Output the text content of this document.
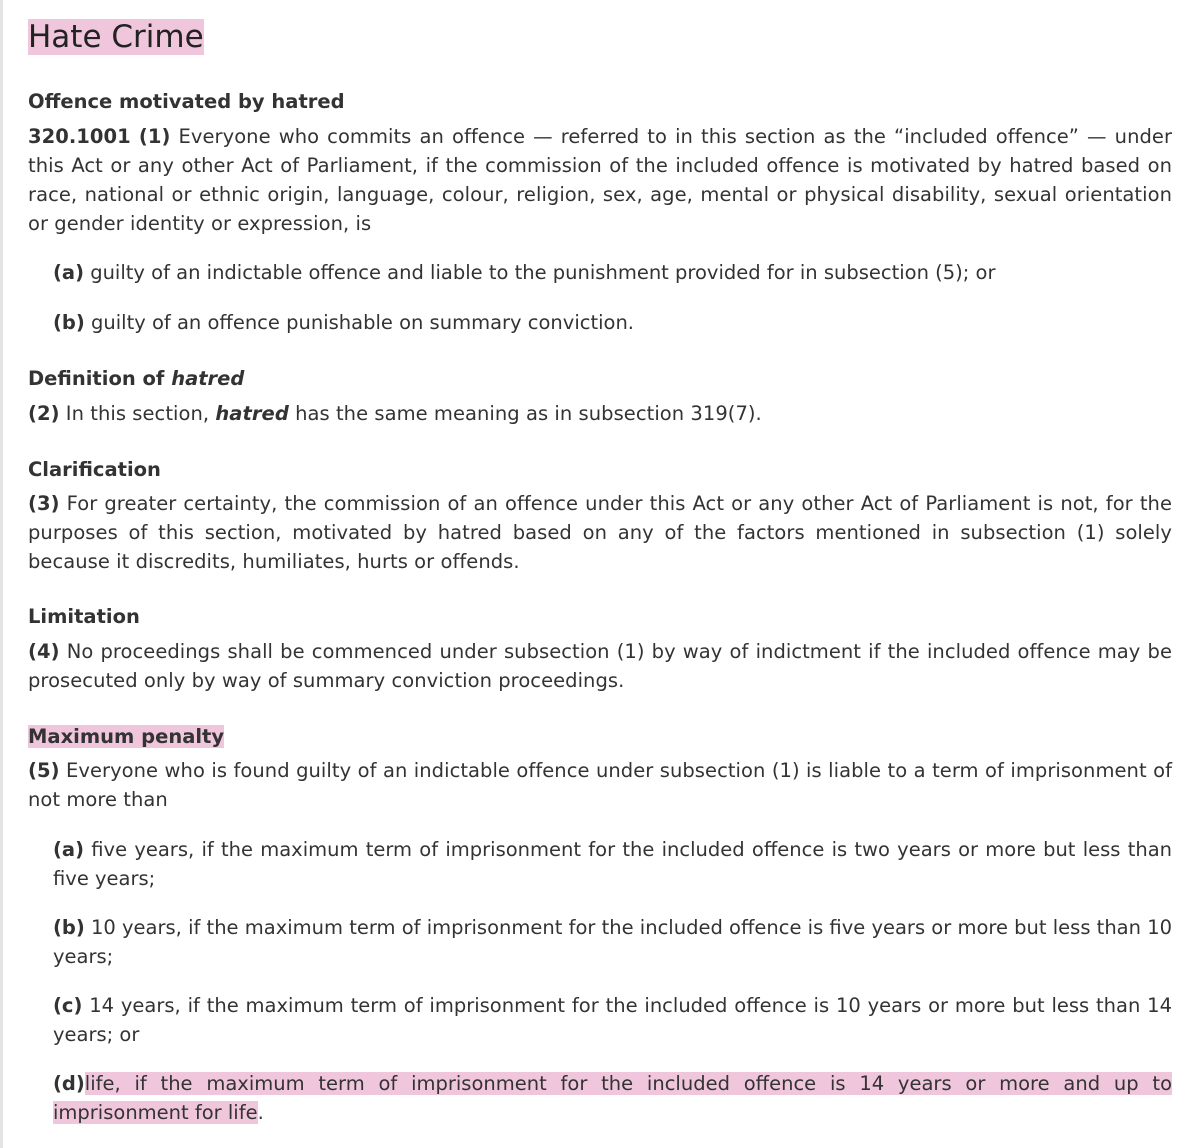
Hate Crime
Offence motivated by hatred
320.1001 (1) Everyone who commits an offence — referred to in this section as the “included offence” — under this Act or any other Act of Parliament, if the commission of the included offence is motivated by hatred based on race, national or ethnic origin, language, colour, religion, sex, age, mental or physical disability, sexual orientation or gender identity or expression, is
(a) guilty of an indictable offence and liable to the punishment provided for in subsection (5); or
(b) guilty of an offence punishable on summary conviction.
Definition of hatred
(2) In this section, hatred has the same meaning as in subsection 319(7).
Clarification
(3) For greater certainty, the commission of an offence under this Act or any other Act of Parliament is not, for the purposes of this section, motivated by hatred based on any of the factors mentioned in subsection (1) solely because it discredits, humiliates, hurts or offends.
Limitation
(4) No proceedings shall be commenced under subsection (1) by way of indictment if the included offence may be prosecuted only by way of summary conviction proceedings.
Maximum penalty
(5) Everyone who is found guilty of an indictable offence under subsection (1) is liable to a term of imprisonment of not more than
(a) five years, if the maximum term of imprisonment for the included offence is two years or more but less than five years;
(b) 10 years, if the maximum term of imprisonment for the included offence is five years or more but less than 10 years;
(c) 14 years, if the maximum term of imprisonment for the included offence is 10 years or more but less than 14 years; or
(d)life, if the maximum term of imprisonment for the included offence is 14 years or more and up to imprisonment for life.
